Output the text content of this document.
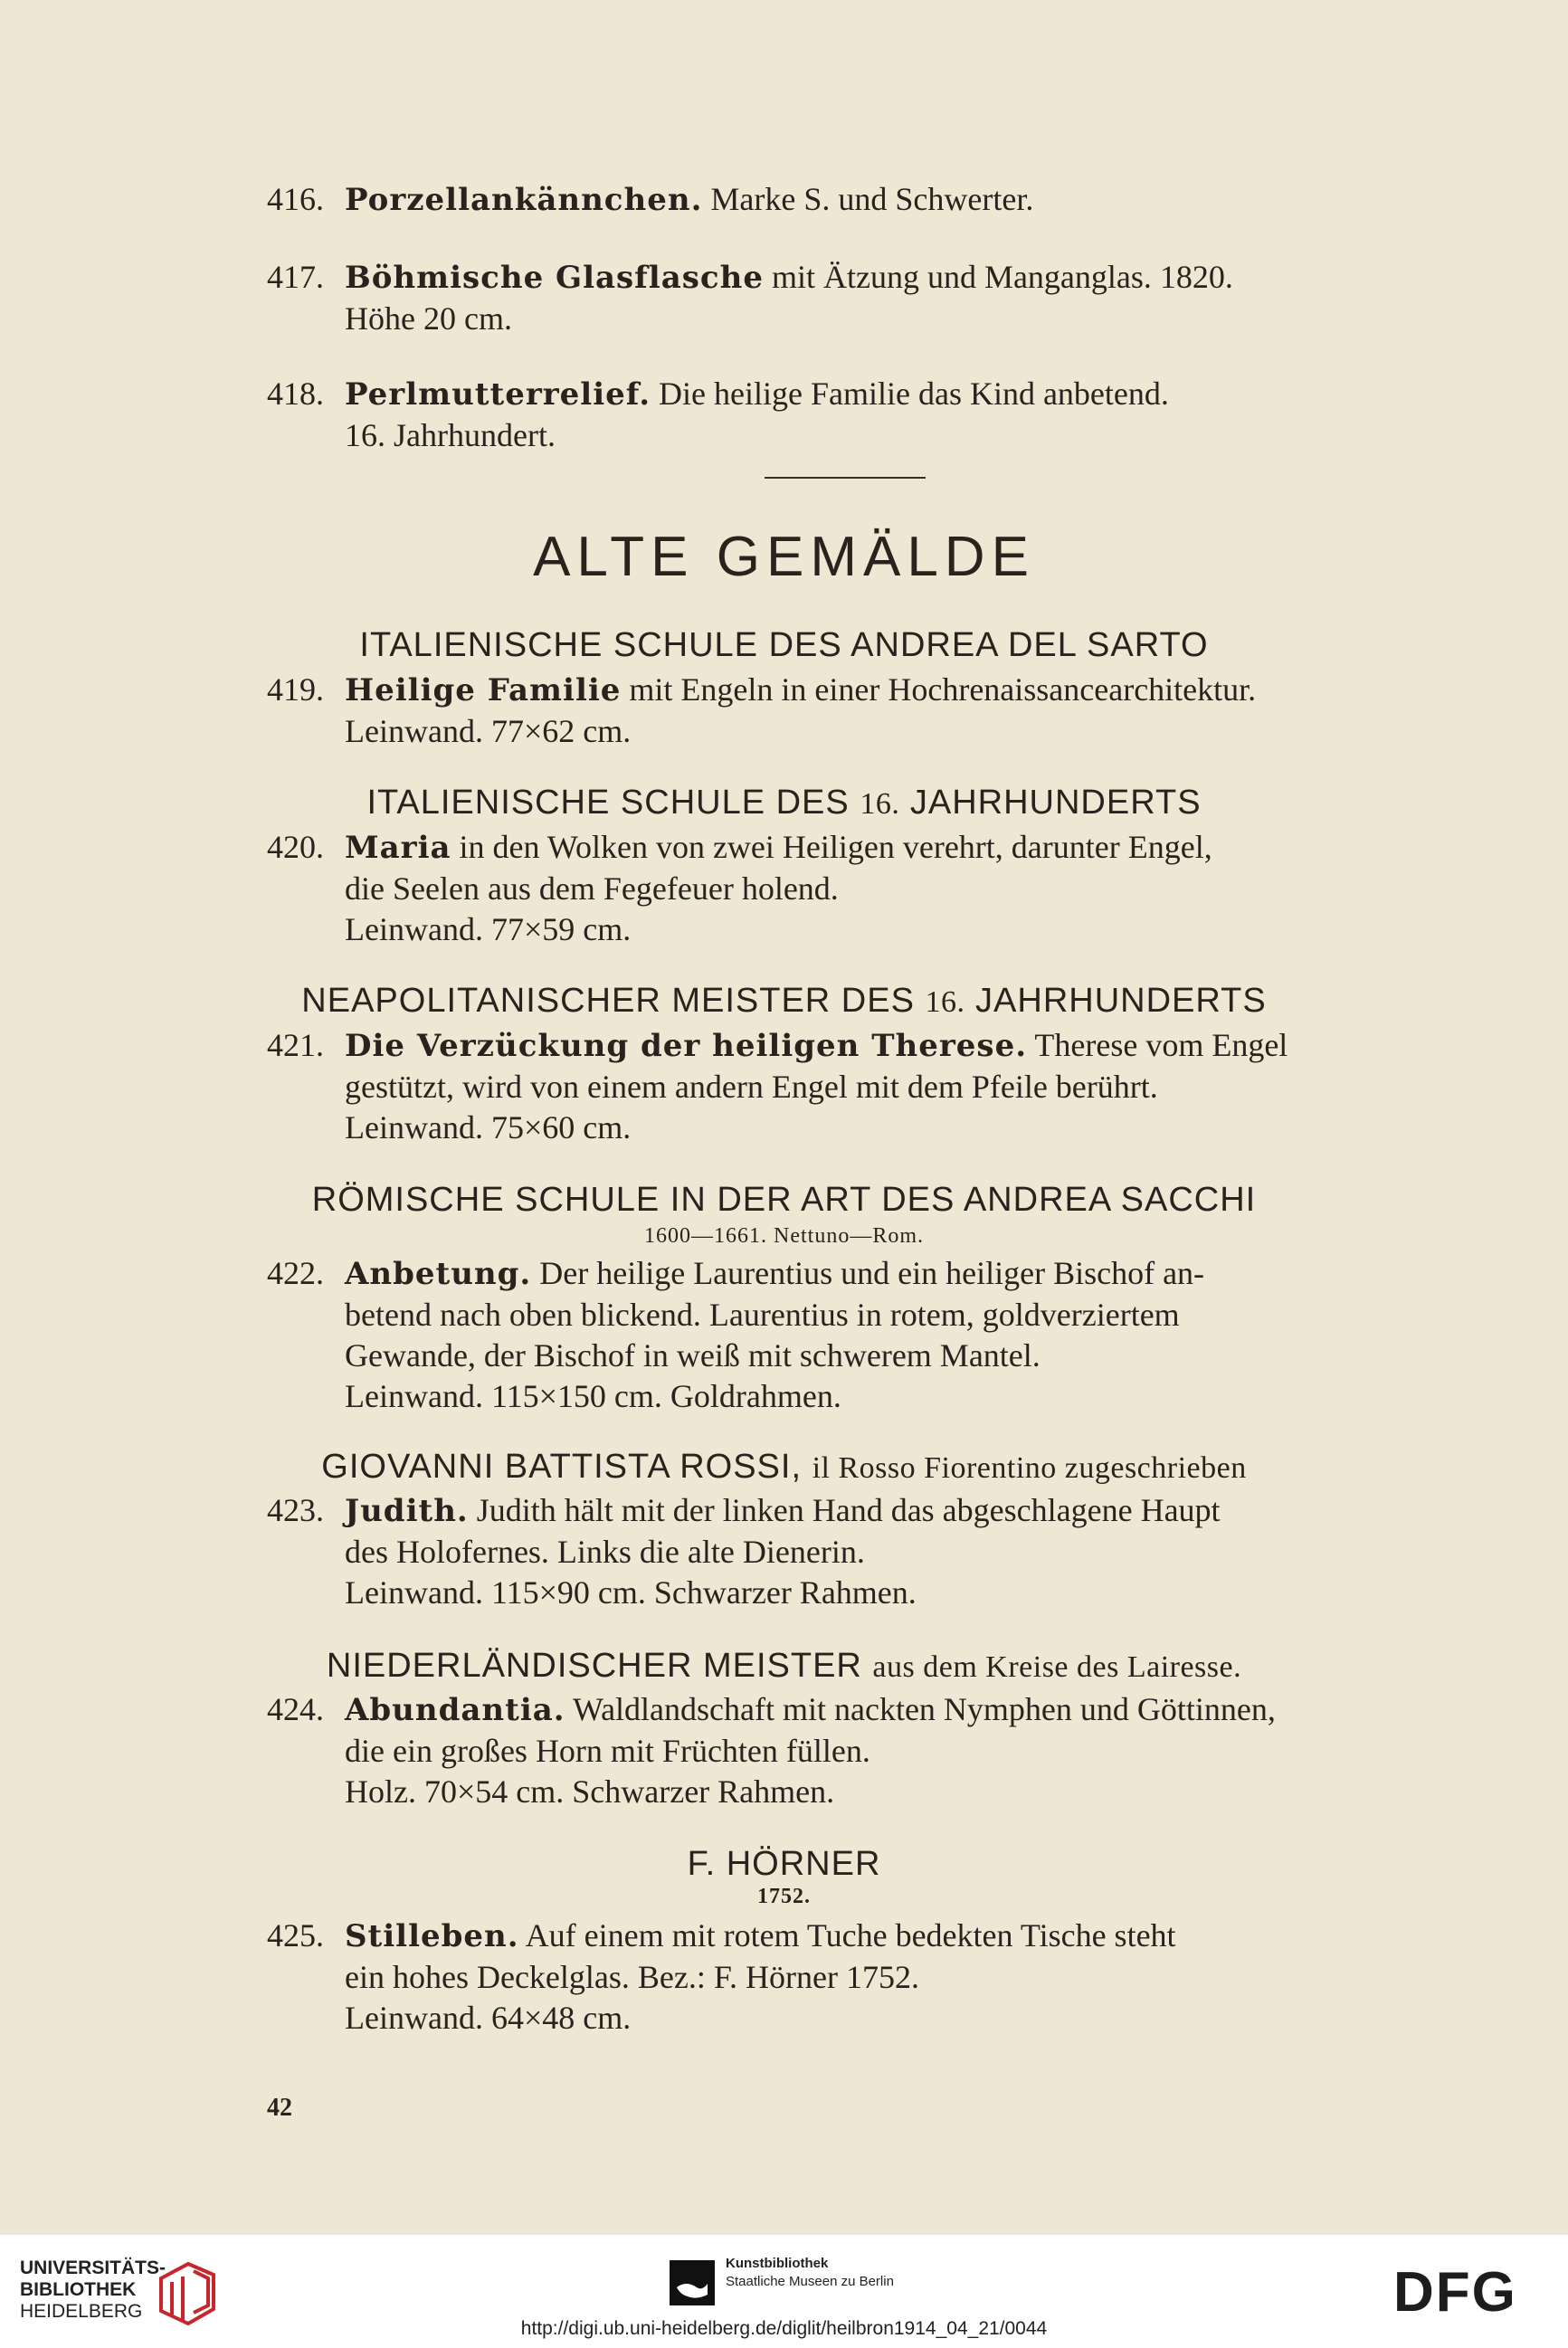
416. Porzellankännchen. Marke S. und Schwerter.
417. Böhmische Glasflasche mit Ätzung und Manganglas. 1820.
Höhe 20 cm.
418. Perlmutterrelief. Die heilige Familie das Kind anbetend.
16. Jahrhundert.
ALTE GEMÄLDE
ITALIENISCHE SCHULE DES ANDREA DEL SARTO
419. Heilige Familie mit Engeln in einer Hochrenaissancearchitektur.
Leinwand. 77×62 cm.
ITALIENISCHE SCHULE DES 16. JAHRHUNDERTS
420. Maria in den Wolken von zwei Heiligen verehrt, darunter Engel,
die Seelen aus dem Fegefeuer holend.
Leinwand. 77×59 cm.
NEAPOLITANISCHER MEISTER DES 16. JAHRHUNDERTS
421. Die Verzückung der heiligen Therese. Therese vom Engel
gestützt, wird von einem andern Engel mit dem Pfeile berührt.
Leinwand. 75×60 cm.
RÖMISCHE SCHULE IN DER ART DES ANDREA SACCHI
1600—1661. Nettuno—Rom.
422. Anbetung. Der heilige Laurentius und ein heiliger Bischof an-
betend nach oben blickend. Laurentius in rotem, goldverziertem
Gewande, der Bischof in weiß mit schwerem Mantel.
Leinwand. 115×150 cm. Goldrahmen.
GIOVANNI BATTISTA ROSSI, il Rosso Fiorentino zugeschrieben
423. Judith. Judith hält mit der linken Hand das abgeschlagene Haupt
des Holofernes. Links die alte Dienerin.
Leinwand. 115×90 cm. Schwarzer Rahmen.
NIEDERLÄNDISCHER MEISTER aus dem Kreise des Lairesse.
424. Abundantia. Waldlandschaft mit nackten Nymphen und Göttinnen,
die ein großes Horn mit Früchten füllen.
Holz. 70×54 cm. Schwarzer Rahmen.
F. HÖRNER
1752.
425. Stilleben. Auf einem mit rotem Tuche bedekten Tische steht
ein hohes Deckelglas. Bez.: F. Hörner 1752.
Leinwand. 64×48 cm.
42
UNIVERSITÄTS-
BIBLIOTHEK
HEIDELBERG
Kunstbibliothek
Staatliche Museen zu Berlin	DFG
http://digi.ub.uni-heidelberg.de/diglit/heilbron1914_04_21/0044
